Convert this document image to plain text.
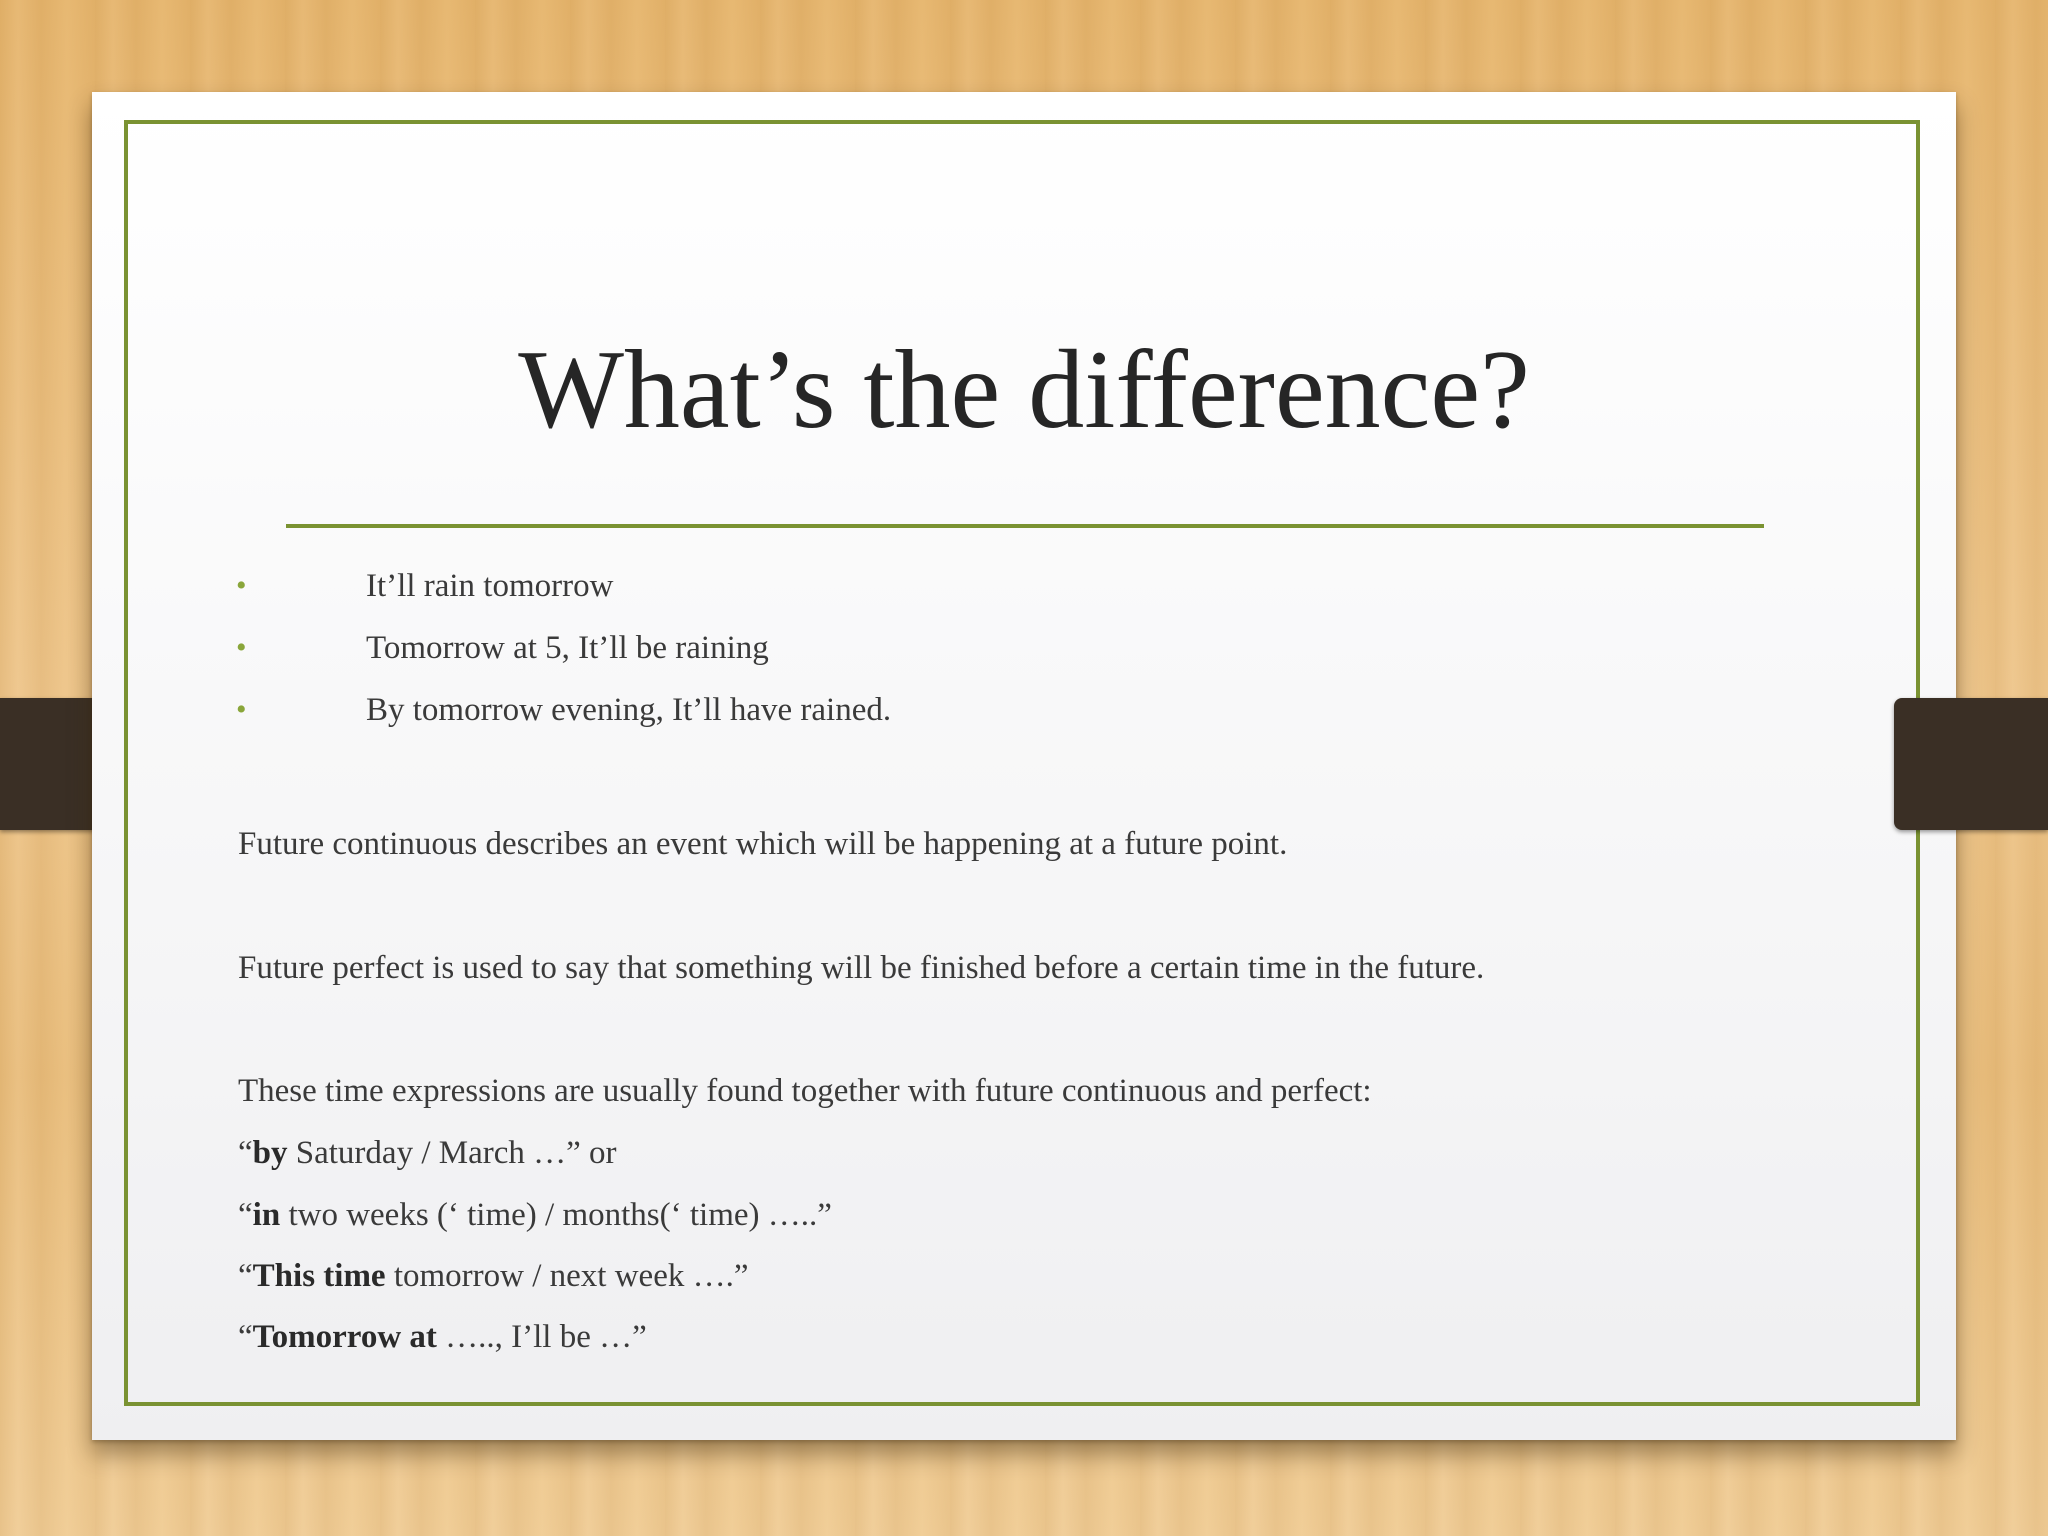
What’s the difference?
•	It’ll rain tomorrow
•	Tomorrow at 5, It’ll be raining
•	By tomorrow evening, It’ll have rained.

Future continuous describes an event which will be happening at a future point.

Future perfect is used to say that something will be finished before a certain time in the future.

These time expressions are usually found together with future continuous and perfect:

“by Saturday / March …” or

“in two weeks (‘ time) / months(‘ time) …..”

“This time tomorrow / next week ….”

“Tomorrow at ….., I’ll be …”
